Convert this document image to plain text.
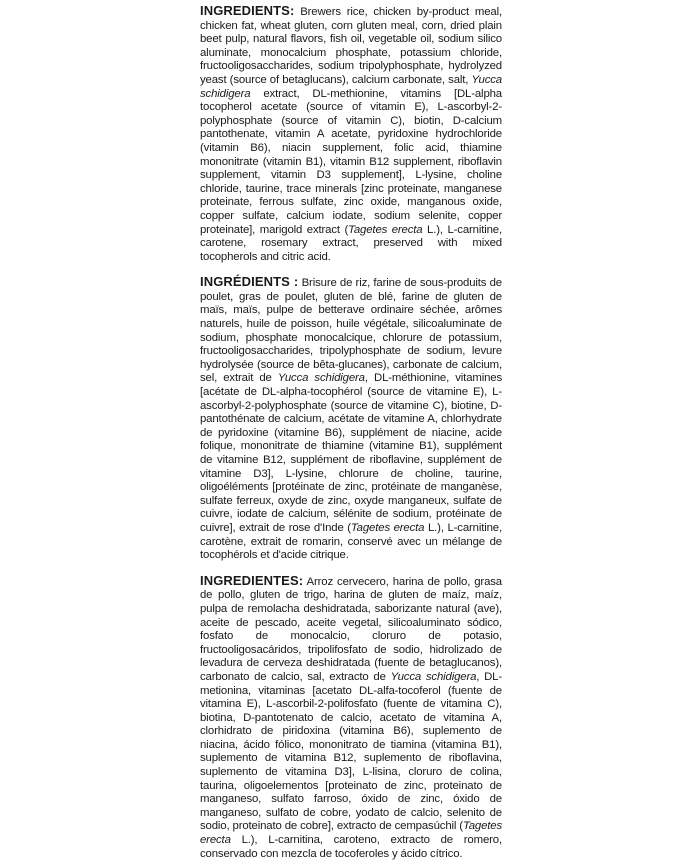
INGREDIENTS: Brewers rice, chicken by-product meal, chicken fat, wheat gluten, corn gluten meal, corn, dried plain beet pulp, natural flavors, fish oil, vegetable oil, sodium silico aluminate, monocalcium phosphate, potassium chloride, fructooligosaccharides, sodium tripolyphosphate, hydrolyzed yeast (source of betaglucans), calcium carbonate, salt, Yucca schidigera extract, DL-methionine, vitamins [DL-alpha tocopherol acetate (source of vitamin E), L-ascorbyl-2-polyphosphate (source of vitamin C), biotin, D-calcium pantothenate, vitamin A acetate, pyridoxine hydrochloride (vitamin B6), niacin supplement, folic acid, thiamine mononitrate (vitamin B1), vitamin B12 supplement, riboflavin supplement, vitamin D3 supplement], L-lysine, choline chloride, taurine, trace minerals [zinc proteinate, manganese proteinate, ferrous sulfate, zinc oxide, manganous oxide, copper sulfate, calcium iodate, sodium selenite, copper proteinate], marigold extract (Tagetes erecta L.), L-carnitine, carotene, rosemary extract, preserved with mixed tocopherols and citric acid.

INGRÉDIENTS : Brisure de riz, farine de sous-produits de poulet, gras de poulet, gluten de blé, farine de gluten de maïs, maïs, pulpe de betterave ordinaire séchée, arômes naturels, huile de poisson, huile végétale, silicoaluminate de sodium, phosphate monocalcique, chlorure de potassium, fructooligosaccharides, tripolyphosphate de sodium, levure hydrolysée (source de bêta-glucanes), carbonate de calcium, sel, extrait de Yucca schidigera, DL-méthionine, vitamines [acétate de DL-alpha-tocophérol (source de vitamine E), L-ascorbyl-2-polyphosphate (source de vitamine C), biotine, D-pantothénate de calcium, acétate de vitamine A, chlorhydrate de pyridoxine (vitamine B6), supplément de niacine, acide folique, mononitrate de thiamine (vitamine B1), supplément de vitamine B12, supplément de riboflavine, supplément de vitamine D3], L-lysine, chlorure de choline, taurine, oligoéléments [protéinate de zinc, protéinate de manganèse, sulfate ferreux, oxyde de zinc, oxyde manganeux, sulfate de cuivre, iodate de calcium, sélénite de sodium, protéinate de cuivre], extrait de rose d'Inde (Tagetes erecta L.), L-carnitine, carotène, extrait de romarin, conservé avec un mélange de tocophérols et d'acide citrique.

INGREDIENTES: Arroz cervecero, harina de pollo, grasa de pollo, gluten de trigo, harina de gluten de maíz, maíz, pulpa de remolacha deshidratada, saborizante natural (ave), aceite de pescado, aceite vegetal, silicoaluminato sódico, fosfato de monocalcio, cloruro de potasio, fructooligosacáridos, tripolifosfato de sodio, hidrolizado de levadura de cerveza deshidratada (fuente de betaglucanos), carbonato de calcio, sal, extracto de Yucca schidigera, DL-metionina, vitaminas [acetato DL-alfa-tocoferol (fuente de vitamina E), L-ascorbil-2-polifosfato (fuente de vitamina C), biotina, D-pantotenato de calcio, acetato de vitamina A, clorhidrato de piridoxina (vitamina B6), suplemento de niacina, ácido fólico, mononitrato de tiamina (vitamina B1), suplemento de vitamina B12, suplemento de riboflavina, suplemento de vitamina D3], L-lisina, cloruro de colina, taurina, oligoelementos [proteinato de zinc, proteinato de manganeso, sulfato farroso, óxido de zinc, óxido de manganeso, sulfato de cobre, yodato de calcio, selenito de sodio, proteinato de cobre], extracto de cempasúchil (Tagetes erecta L.), L-carnitina, caroteno, extracto de romero, conservado con mezcla de tocoferoles y ácido cítrico.
